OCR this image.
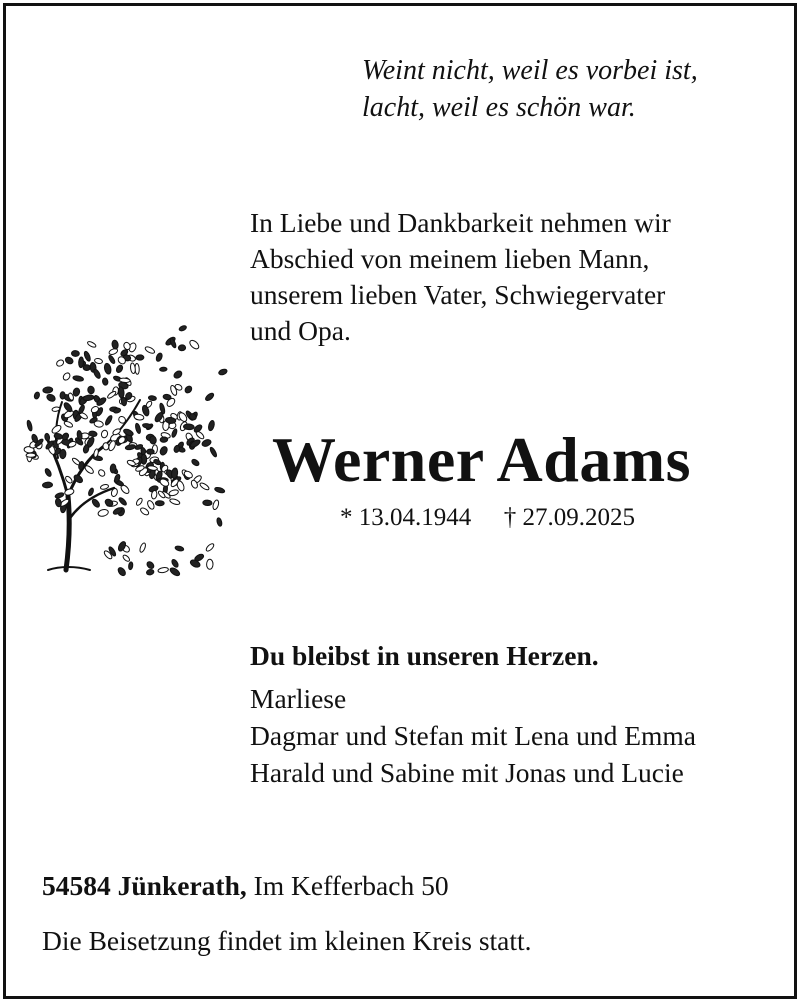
Weint nicht, weil es vorbei ist,
lacht, weil es schön war.
In Liebe und Dankbarkeit nehmen wir
Abschied von meinem lieben Mann,
unserem lieben Vater, Schwiegervater
und Opa.
Werner Adams
* 13.04.1944 † 27.09.2025
Du bleibst in unseren Herzen.
Marliese
Dagmar und Stefan mit Lena und Emma
Harald und Sabine mit Jonas und Lucie
54584 Jünkerath, Im Kefferbach 50
Die Beisetzung findet im kleinen Kreis statt.
